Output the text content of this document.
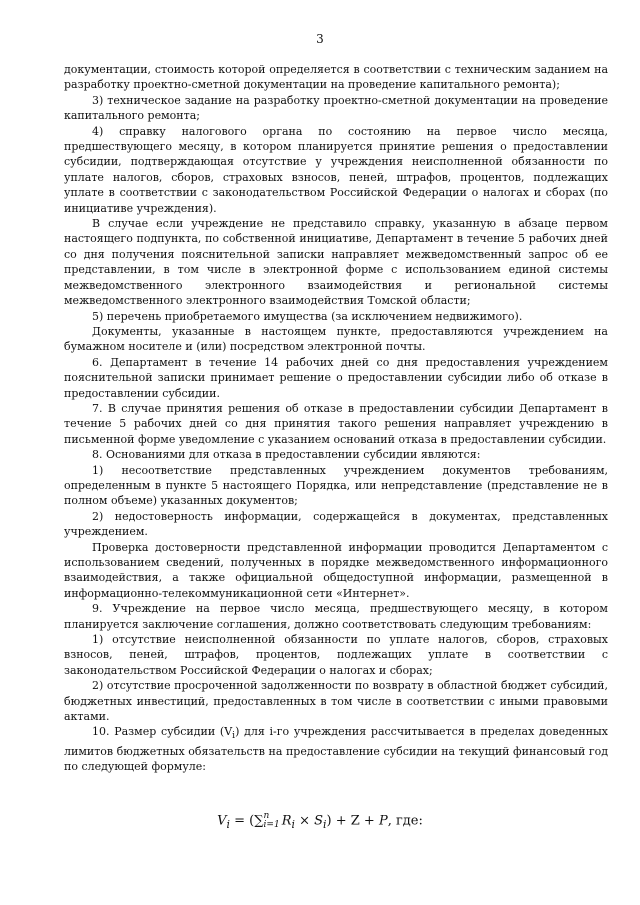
3

документации, стоимость которой определяется в соответствии с техническим заданием на разработку проектно-сметной документации на проведение капитального ремонта);

3) техническое задание на разработку проектно-сметной документации на проведение капитального ремонта;

4) справку налогового органа по состоянию на первое число месяца, предшествующего месяцу, в котором планируется принятие решения о предоставлении субсидии, подтверждающая отсутствие у учреждения неисполненной обязанности по уплате налогов, сборов, страховых взносов, пеней, штрафов, процентов, подлежащих уплате в соответствии с законодательством Российской Федерации о налогах и сборах (по инициативе учреждения).

В случае если учреждение не представило справку, указанную в абзаце первом настоящего подпункта, по собственной инициативе, Департамент в течение 5 рабочих дней со дня получения пояснительной записки направляет межведомственный запрос об ее представлении, в том числе в электронной форме с использованием единой системы межведомственного электронного взаимодействия и региональной системы межведомственного электронного взаимодействия Томской области;

5) перечень приобретаемого имущества (за исключением недвижимого).

Документы, указанные в настоящем пункте, предоставляются учреждением на бумажном носителе и (или) посредством электронной почты.

6. Департамент в течение 14 рабочих дней со дня предоставления учреждением пояснительной записки принимает решение о предоставлении субсидии либо об отказе в предоставлении субсидии.

7. В случае принятия решения об отказе в предоставлении субсидии Департамент в течение 5 рабочих дней со дня принятия такого решения направляет учреждению в письменной форме уведомление с указанием оснований отказа в предоставлении субсидии.

8. Основаниями для отказа в предоставлении субсидии являются:

1) несоответствие представленных учреждением документов требованиям, определенным в пункте 5 настоящего Порядка, или непредставление (представление не в полном объеме) указанных документов;

2) недостоверность информации, содержащейся в документах, представленных учреждением.

Проверка достоверности представленной информации проводится Департаментом с использованием сведений, полученных в порядке межведомственного информационного взаимодействия, а также официальной общедоступной информации, размещенной в информационно-телекоммуникационной сети «Интернет».

9. Учреждение на первое число месяца, предшествующего месяцу, в котором планируется заключение соглашения, должно соответствовать следующим требованиям:

1) отсутствие неисполненной обязанности по уплате налогов, сборов, страховых взносов, пеней, штрафов, процентов, подлежащих уплате в соответствии с законодательством Российской Федерации о налогах и сборах;

2) отсутствие просроченной задолженности по возврату в областной бюджет субсидий, бюджетных инвестиций, предоставленных в том числе в соответствии с иными правовыми актами.

10. Размер субсидии $(V_i)$ для i-го учреждения рассчитывается в пределах доведенных лимитов бюджетных обязательств на предоставление субсидии на текущий финансовый год по следующей формуле:

$V_i$ = (∑ n
i=1 $R_i \times S_i) + Z + P$, где:
